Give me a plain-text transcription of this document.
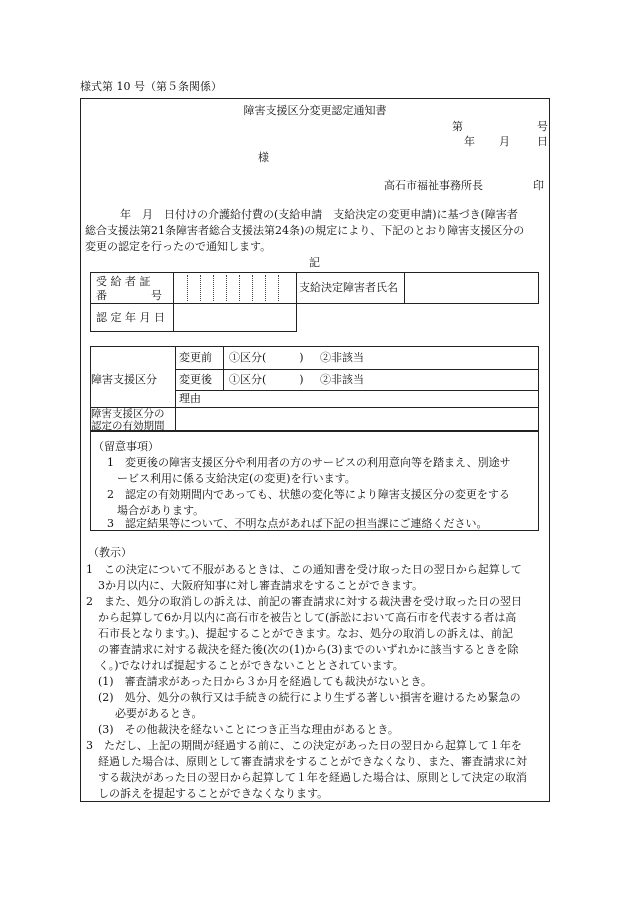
様式第 10 号（第５条関係）
障害支援区分変更認定通知書
第	号
年 月 日
様
高石市福祉事務所長	印
年　月　日付けの介護給付費の(支給申請　支給決定の変更申請)に基づき(障害者
総合支援法第21条障害者総合支援法第24条)の規定により、下記のとおり障害支援区分の
変更の認定を行ったので通知します。
記
受 給 者 証
番　　　　号
支給決定障害者氏名
認 定 年 月 日
障害支援区分
変更前 ①区分(　　　) ②非該当
変更後 ①区分(　　　) ②非該当
理由
障害支援区分の
認定の有効期間
（留意事項）
1　変更後の障害支援区分や利用者の方のサービスの利用意向等を踏まえ、別途サ
ービス利用に係る支給決定(の変更)を行います。
2　認定の有効期間内であっても、状態の変化等により障害支援区分の変更をする
場合があります。
3　認定結果等について、不明な点があれば下記の担当課にご連絡ください。
（教示）
1　この決定について不服があるときは、この通知書を受け取った日の翌日から起算して
3か月以内に、大阪府知事に対し審査請求をすることができます。
2　また、処分の取消しの訴えは、前記の審査請求に対する裁決書を受け取った日の翌日
から起算して6か月以内に高石市を被告として(訴訟において高石市を代表する者は高
石市長となります。)、提起することができます。なお、処分の取消しの訴えは、前記
の審査請求に対する裁決を経た後(次の(1)から(3)までのいずれかに該当するときを除
く。)でなければ提起することができないこととされています。
(1)　審査請求があった日から３か月を経過しても裁決がないとき。
(2)　処分、処分の執行又は手続きの続行により生ずる著しい損害を避けるため緊急の
必要があるとき。
(3)　その他裁決を経ないことにつき正当な理由があるとき。
3　ただし、上記の期間が経過する前に、この決定があった日の翌日から起算して１年を
経過した場合は、原則として審査請求をすることができなくなり、また、審査請求に対
する裁決があった日の翌日から起算して１年を経過した場合は、原則として決定の取消
しの訴えを提起することができなくなります。
